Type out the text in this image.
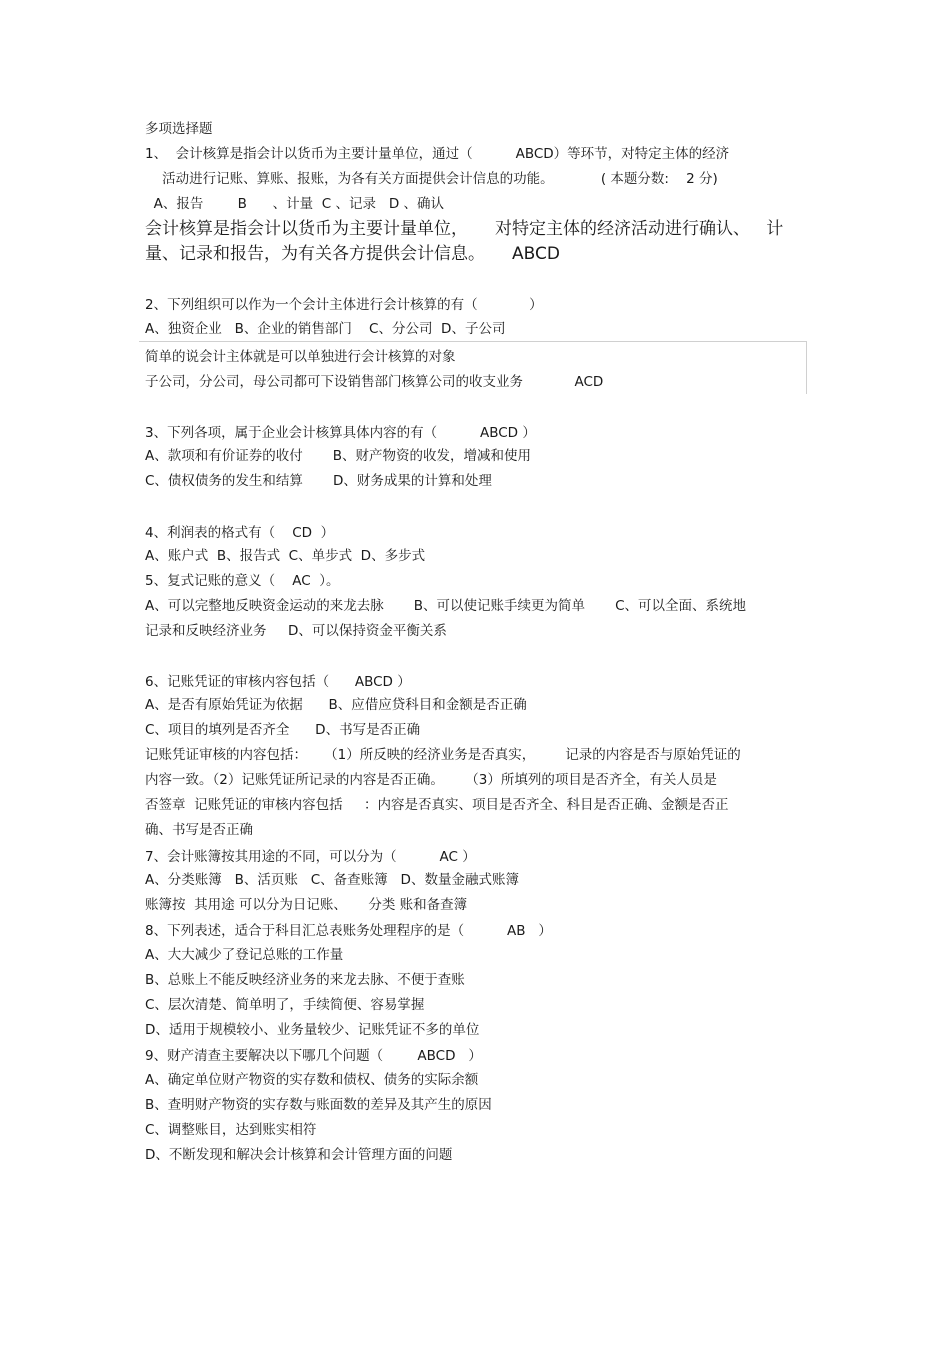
多项选择题
1、  会计核算是指会计以货币为主要计量单位，通过（          ABCD）等环节，对特定主体的经济
活动进行记账、算账、报账，为各有关方面提供会计信息的功能。           ( 本题分数:    2 分)
A、报告        B      、计量  C 、记录   D 、确认
会计核算是指会计以货币为主要计量单位，     对特定主体的经济活动进行确认、   计
量、记录和报告，为有关各方提供会计信息。     ABCD
2、下列组织可以作为一个会计主体进行会计核算的有（            ）
A、独资企业   B、企业的销售部门    C、分公司  D、子公司
简单的说会计主体就是可以单独进行会计核算的对象
子公司，分公司，母公司都可下设销售部门核算公司的收支业务            ACD
3、下列各项，属于企业会计核算具体内容的有（          ABCD ）
A、款项和有价证券的收付       B、财产物资的收发，增减和使用
C、债权债务的发生和结算       D、财务成果的计算和处理
4、利润表的格式有（    CD  ）
A、账户式  B、报告式  C、单步式  D、多步式
5、复式记账的意义（    AC  ）。
A、可以完整地反映资金运动的来龙去脉       B、可以使记账手续更为简单       C、可以全面、系统地
记录和反映经济业务     D、可以保持资金平衡关系
6、记账凭证的审核内容包括（      ABCD ）
A、是否有原始凭证为依据      B、应借应贷科目和金额是否正确
C、项目的填列是否齐全      D、书写是否正确
记账凭证审核的内容包括：    （1）所反映的经济业务是否真实，       记录的内容是否与原始凭证的
内容一致。（2）记账凭证所记录的内容是否正确。     （3）所填列的项目是否齐全，有关人员是
否签章  记账凭证的审核内容包括     ：内容是否真实、项目是否齐全、科目是否正确、金额是否正
确、书写是否正确
7、会计账簿按其用途的不同，可以分为（          AC ）
A、分类账簿   B、活页账   C、备查账簿   D、数量金融式账簿
账簿按  其用途 可以分为日记账、     分类 账和备查簿
8、下列表述，适合于科目汇总表账务处理程序的是（          AB   ）
A、大大减少了登记总账的工作量
B、总账上不能反映经济业务的来龙去脉、不便于查账
C、层次清楚、简单明了，手续简便、容易掌握
D、适用于规模较小、业务量较少、记账凭证不多的单位
9、财产清查主要解决以下哪几个问题（        ABCD   ）
A、确定单位财产物资的实存数和债权、债务的实际余额
B、查明财产物资的实存数与账面数的差异及其产生的原因
C、调整账目，达到账实相符
D、不断发现和解决会计核算和会计管理方面的问题
